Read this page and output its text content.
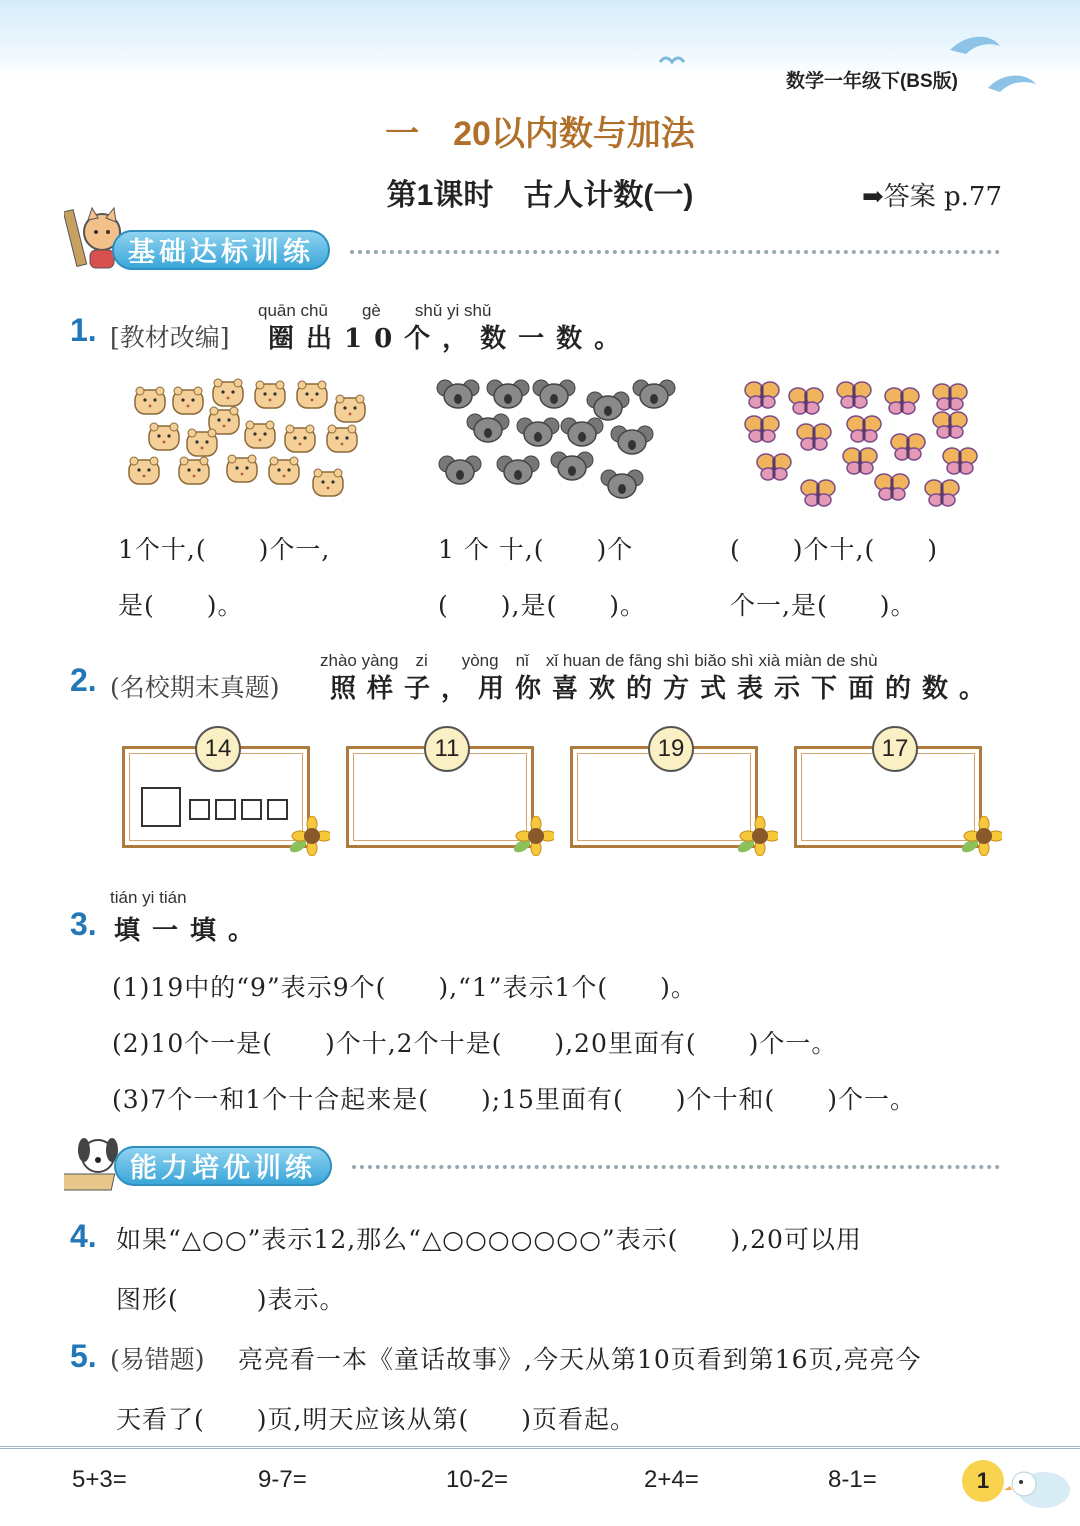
数学一年级下(BS版)
一　20以内数与加法
第1课时　古人计数(一)	➡答案 p.77
基础达标训练
quān chū　　gè　　shǔ yi shǔ
1. [教材改编] 圈出10个，数一数。
1个十,(　　)个一,
是(　　)。
1 个 十,(　　)个
(　　),是(　　)。
(　　)个十,(　　)
个一,是(　　)。
zhào yàng　zi　　yòng　nǐ　xǐ huan de fāng shì biǎo shì xià miàn de shù
2. (名校期末真题) 照样子，用你喜欢的方式表示下面的数。
14	11	19	17
tián yi tián
3. 填一填。
(1)19中的“9”表示9个(　　),“1”表示1个(　　)。
(2)10个一是(　　)个十,2个十是(　　),20里面有(　　)个一。
(3)7个一和1个十合起来是(　　);15里面有(　　)个十和(　　)个一。
能力培优训练
4. 如果“△○○”表示12,那么“△○○○○○○○”表示(　　),20可以用
图形(　　　)表示。
5. (易错题) 亮亮看一本《童话故事》,今天从第10页看到第16页,亮亮今
天看了(　　)页,明天应该从第(　　)页看起。
5+3=	9-7=	10-2=	2+4=	8-1=	1
